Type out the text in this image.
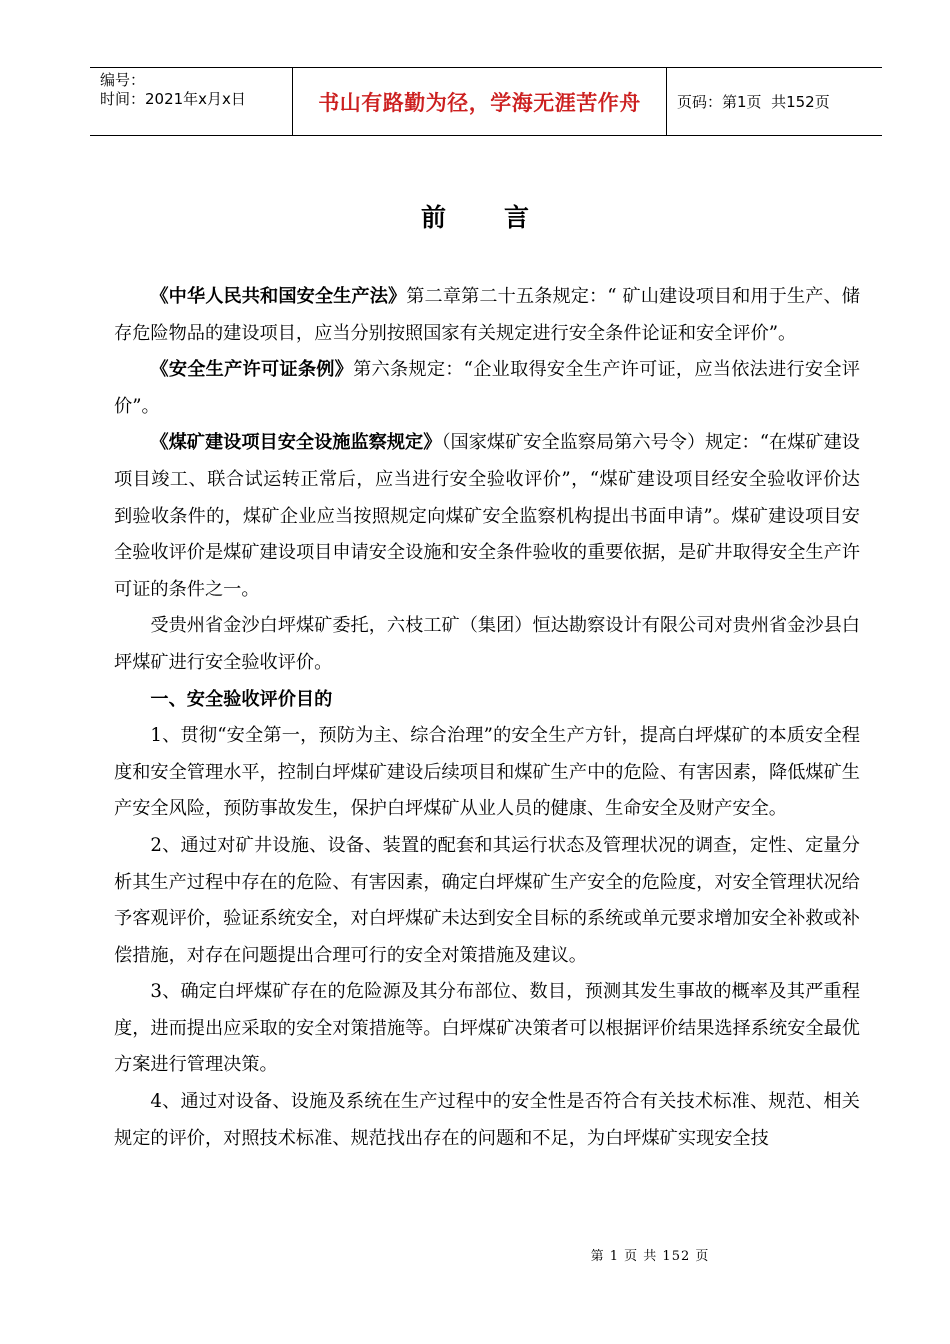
编号：
时间：2021年x月x日	书山有路勤为径，学海无涯苦作舟	页码：第1页  共152页
前言

《中华人民共和国安全生产法》第二章第二十五条规定：“ 矿山建设项目和用于生产、储存危险物品的建设项目，应当分别按照国家有关规定进行安全条件论证和安全评价”。

《安全生产许可证条例》第六条规定：“企业取得安全生产许可证，应当依法进行安全评价”。

《煤矿建设项目安全设施监察规定》（国家煤矿安全监察局第六号令）规定：“在煤矿建设项目竣工、联合试运转正常后，应当进行安全验收评价”，“煤矿建设项目经安全验收评价达到验收条件的，煤矿企业应当按照规定向煤矿安全监察机构提出书面申请”。煤矿建设项目安全验收评价是煤矿建设项目申请安全设施和安全条件验收的重要依据，是矿井取得安全生产许可证的条件之一。

受贵州省金沙白坪煤矿委托，六枝工矿（集团）恒达勘察设计有限公司对贵州省金沙县白坪煤矿进行安全验收评价。

一、安全验收评价目的

1、贯彻“安全第一，预防为主、综合治理”的安全生产方针，提高白坪煤矿的本质安全程度和安全管理水平，控制白坪煤矿建设后续项目和煤矿生产中的危险、有害因素，降低煤矿生产安全风险，预防事故发生，保护白坪煤矿从业人员的健康、生命安全及财产安全。

2、通过对矿井设施、设备、装置的配套和其运行状态及管理状况的调查，定性、定量分析其生产过程中存在的危险、有害因素，确定白坪煤矿生产安全的危险度，对安全管理状况给予客观评价，验证系统安全，对白坪煤矿未达到安全目标的系统或单元要求增加安全补救或补偿措施，对存在问题提出合理可行的安全对策措施及建议。

3、确定白坪煤矿存在的危险源及其分布部位、数目，预测其发生事故的概率及其严重程度，进而提出应采取的安全对策措施等。白坪煤矿决策者可以根据评价结果选择系统安全最优方案进行管理决策。

4、通过对设备、设施及系统在生产过程中的安全性是否符合有关技术标准、规范、相关规定的评价，对照技术标准、规范找出存在的问题和不足，为白坪煤矿实现安全技

第 1 页 共 152 页
